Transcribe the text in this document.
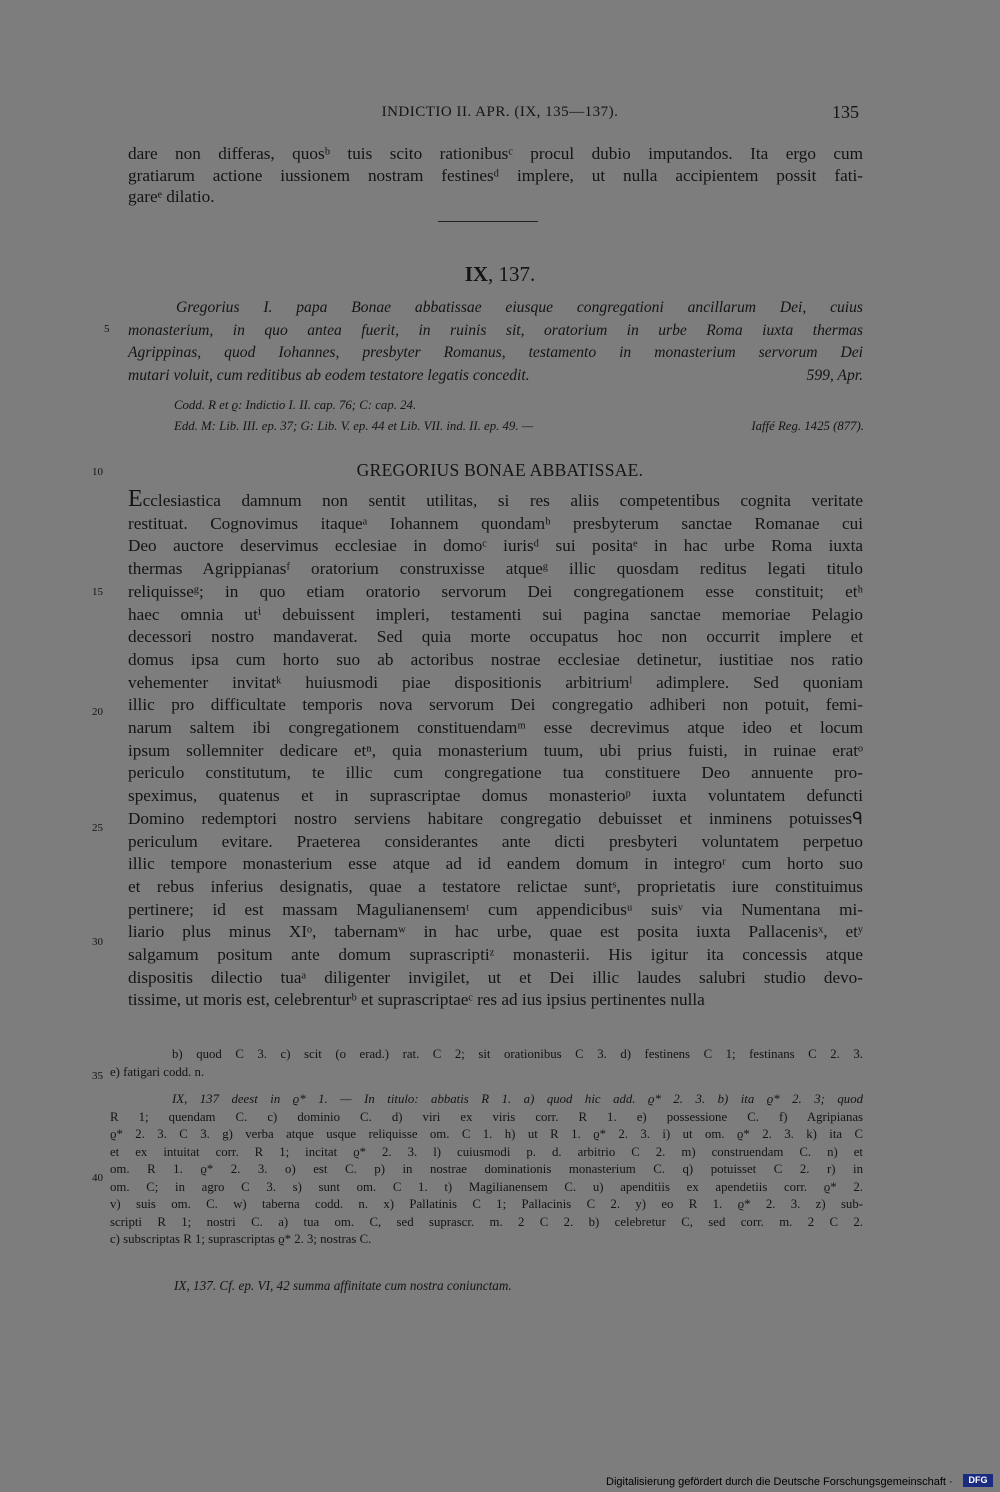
INDICTIO II. APR. (IX, 135—137).	135
dare non differas, quosᵇ tuis scito rationibusᶜ procul dubio imputandos. Ita ergo cum
gratiarum actione iussionem nostram festinesᵈ implere, ut nulla accipientem possit fati-
gareᵉ dilatio.
IX, 137.
Gregorius I. papa Bonae abbatissae eiusque congregationi ancillarum Dei, cuius
monasterium, in quo antea fuerit, in ruinis sit, oratorium in urbe Roma iuxta thermas
Agrippinas, quod Iohannes, presbyter Romanus, testamento in monasterium servorum Dei
mutari voluit, cum reditibus ab eodem testatore legatis concedit.	599, Apr.
Codd. R et ϱ: Indictio I. II. cap. 76; C: cap. 24.
Edd. M: Lib. III. ep. 37; G: Lib. V. ep. 44 et Lib. VII. ind. II. ep. 49. —	Iaffé Reg. 1425 (877).
GREGORIUS BONAE ABBATISSAE.
Ecclesiastica damnum non sentit utilitas, si res aliis competentibus cognita veritate
restituat. Cognovimus itaqueᵃ Iohannem quondamᵇ presbyterum sanctae Romanae cui
Deo auctore deservimus ecclesiae in domoᶜ iurisᵈ sui positaᵉ in hac urbe Roma iuxta
thermas Agrippianasᶠ oratorium construxisse atqueᵍ illic quosdam reditus legati titulo
reliquisseᵍ; in quo etiam oratorio servorum Dei congregationem esse constituit; etʰ
haec omnia utⁱ debuissent impleri, testamenti sui pagina sanctae memoriae Pelagio
decessori nostro mandaverat. Sed quia morte occupatus hoc non occurrit implere et
domus ipsa cum horto suo ab actoribus nostrae ecclesiae detinetur, iustitiae nos ratio
vehementer invitatᵏ huiusmodi piae dispositionis arbitriumˡ adimplere. Sed quoniam
illic pro difficultate temporis nova servorum Dei congregatio adhiberi non potuit, femi-
narum saltem ibi congregationem constituendamᵐ esse decrevimus atque ideo et locum
ipsum sollemniter dedicare etⁿ, quia monasterium tuum, ubi prius fuisti, in ruinae eratᵒ
periculo constitutum, te illic cum congregatione tua constituere Deo annuente pro-
speximus, quatenus et in suprascriptae domus monasterioᵖ iuxta voluntatem defuncti
Domino redemptori nostro serviens habitare congregatio debuisset et inminens potuissesᑫ
periculum evitare. Praeterea considerantes ante dicti presbyteri voluntatem perpetuo
illic tempore monasterium esse atque ad id eandem domum in integroʳ cum horto suo
et rebus inferius designatis, quae a testatore relictae suntˢ, proprietatis iure constituimus
pertinere; id est massam Magulianensemᵗ cum appendicibusᵘ suisᵛ via Numentana mi-
liario plus minus XIᵒ, tabernamʷ in hac urbe, quae est posita iuxta Pallacenisˣ, etʸ
salgamum positum ante domum suprascriptiᶻ monasterii. His igitur ita concessis atque
dispositis dilectio tuaᵃ diligenter invigilet, ut et Dei illic laudes salubri studio devo-
tissime, ut moris est, celebrenturᵇ et suprascriptaeᶜ res ad ius ipsius pertinentes nulla
b) quod C 3. c) scit (o erad.) rat. C 2; sit orationibus C 3. d) festinens C 1; festinans C 2. 3.
e) fatigari codd. n.
IX, 137 deest in ϱ* 1. — In titulo: abbatis R 1. a) quod hic add. ϱ* 2. 3. b) ita ϱ* 2. 3; quod
R 1; quendam C. c) dominio C. d) viri ex viris corr. R 1. e) possessione C. f) Agripianas
ϱ* 2. 3. C 3. g) verba atque usque reliquisse om. C 1. h) ut R 1. ϱ* 2. 3. i) ut om. ϱ* 2. 3. k) ita C
et ex intuitat corr. R 1; incitat ϱ* 2. 3. l) cuiusmodi p. d. arbitrio C 2. m) construendam C. n) et
om. R 1. ϱ* 2. 3. o) est C. p) in nostrae dominationis monasterium C. q) potuisset C 2. r) in
om. C; in agro C 3. s) sunt om. C 1. t) Magilianensem C. u) apenditiis ex apendetiis corr. ϱ* 2.
v) suis om. C. w) taberna codd. n. x) Pallatinis C 1; Pallacinis C 2. y) eo R 1. ϱ* 2. 3. z) sub-
scripti R 1; nostri C. a) tua om. C, sed suprascr. m. 2 C 2. b) celebretur C, sed corr. m. 2 C 2.
c) subscriptas R 1; suprascriptas ϱ* 2. 3; nostras C.
IX, 137. Cf. ep. VI, 42 summa affinitate cum nostra coniunctam.
5
10
15
20
25
30
35
40
Digitalisierung gefördert durch die Deutsche Forschungsgemeinschaft ·	DFG
